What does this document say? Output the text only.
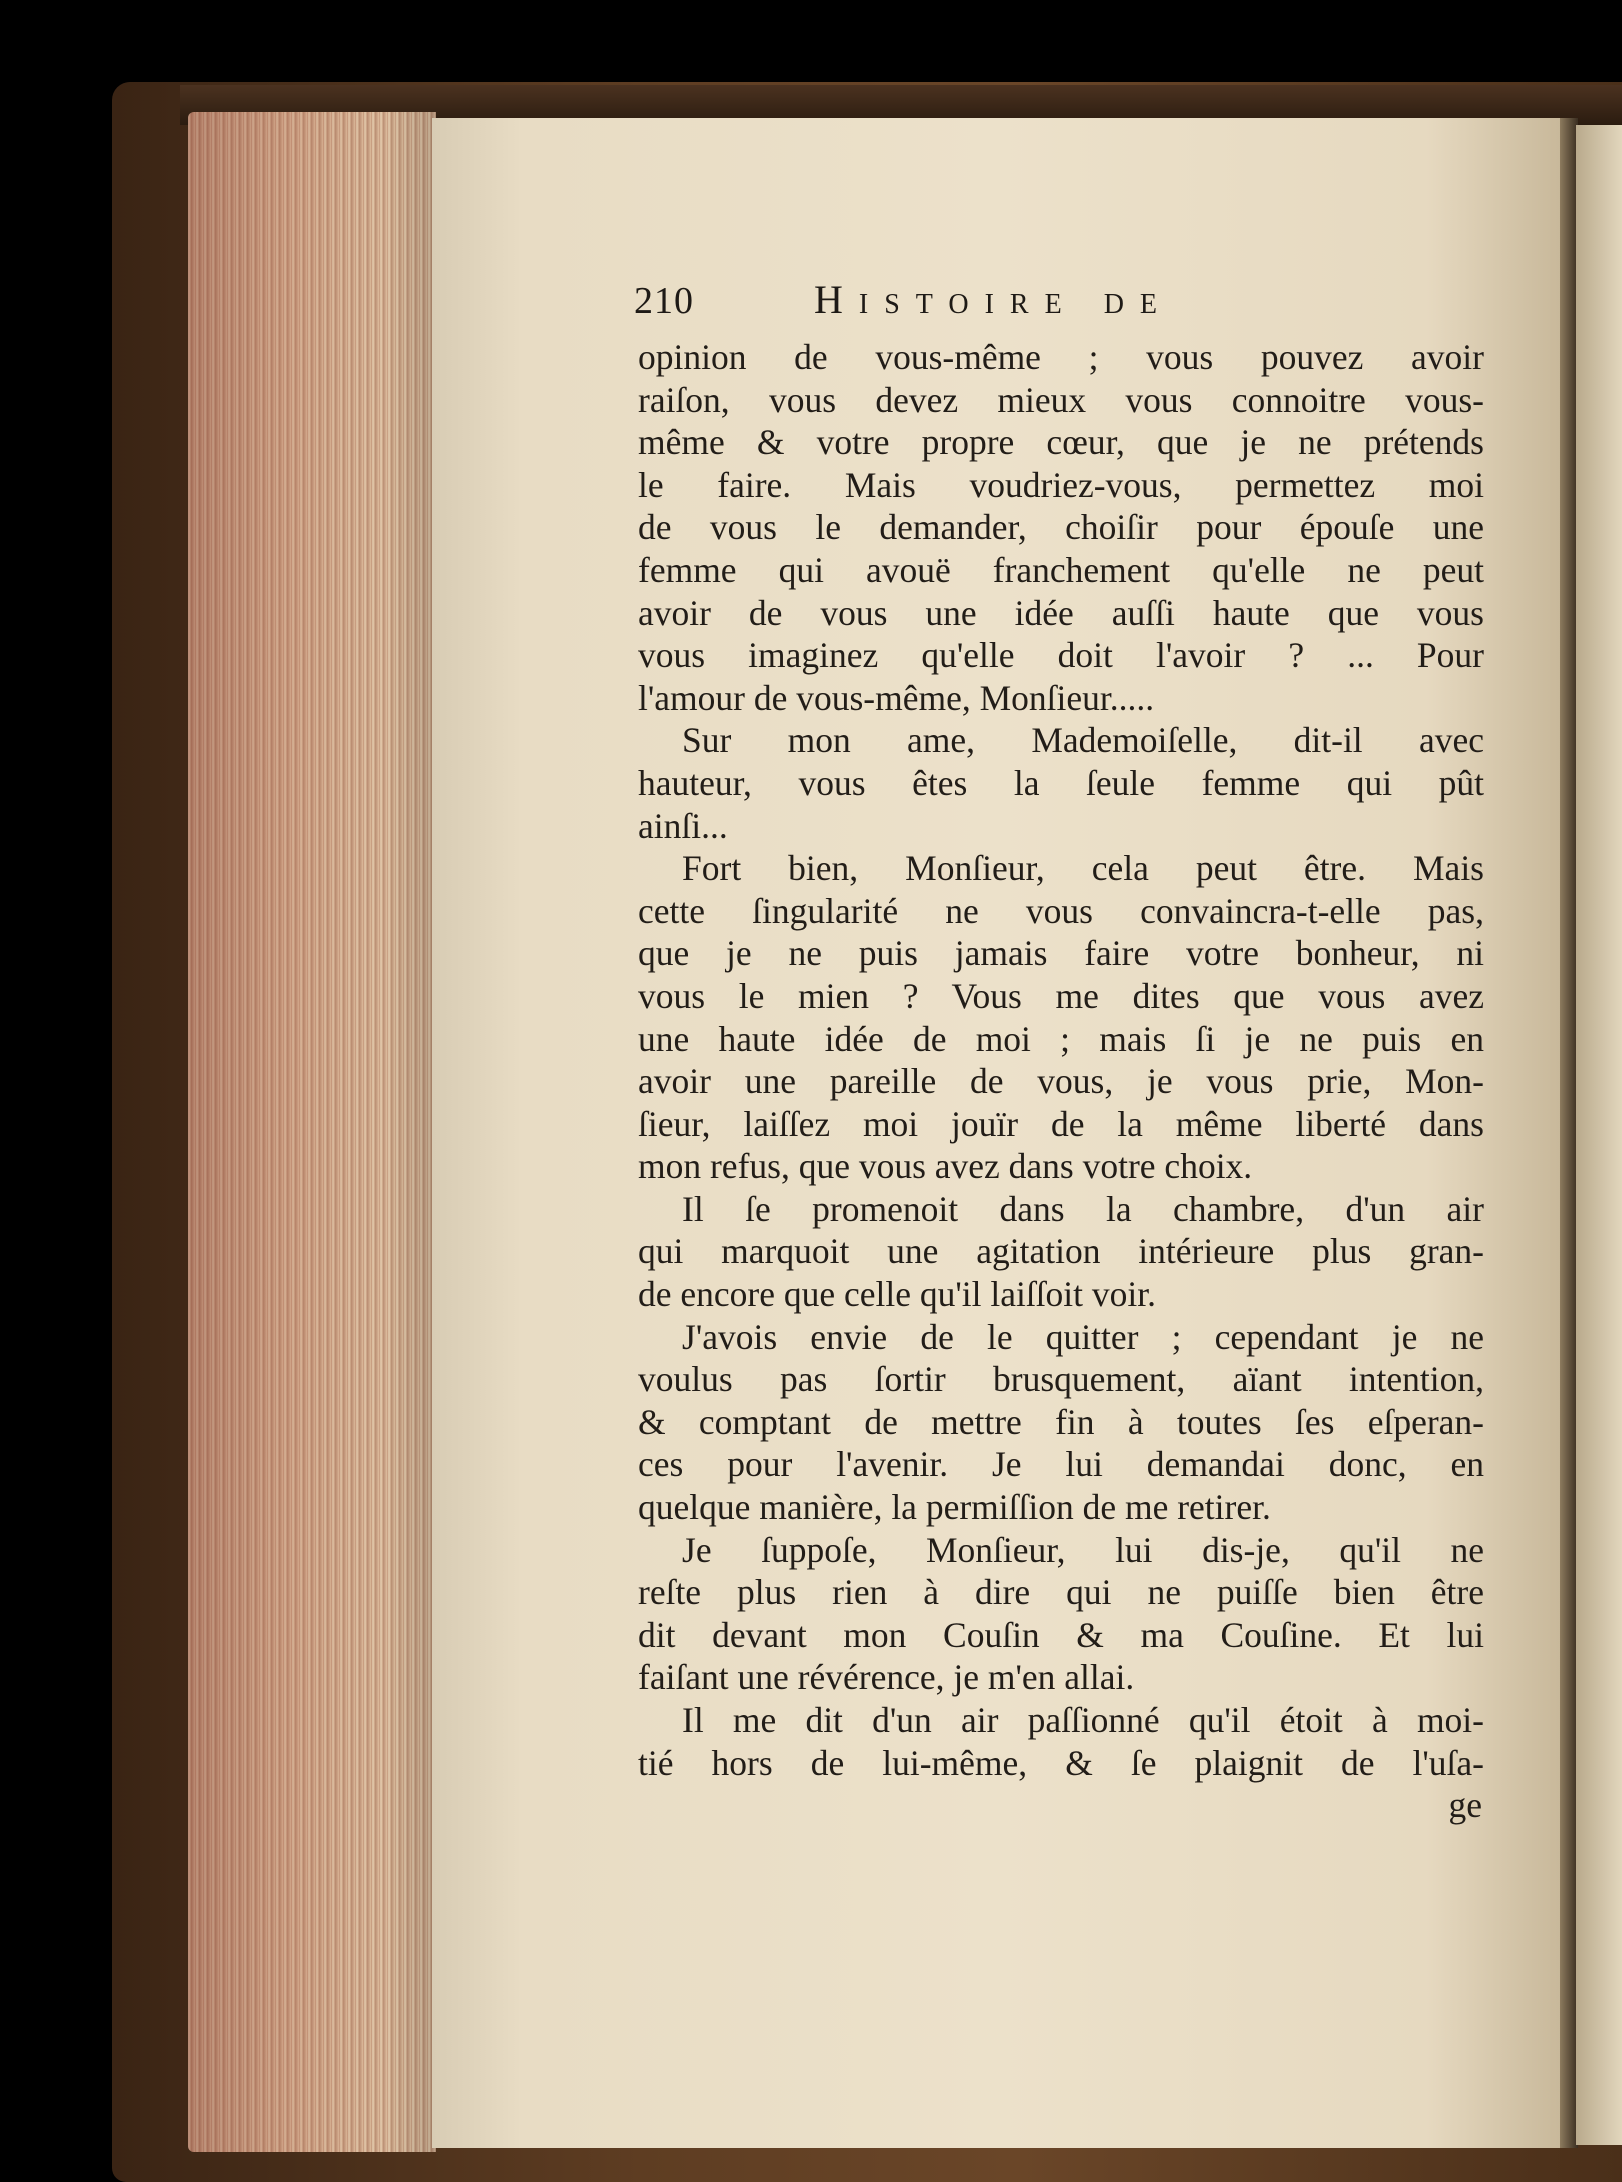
210	Histoire de
opinion de vous-même ; vous pouvez avoir
raiſon, vous devez mieux vous connoitre vous-
même & votre propre cœur, que je ne prétends
le faire. Mais voudriez-vous, permettez moi
de vous le demander, choiſir pour épouſe une
femme qui avouë franchement qu'elle ne peut
avoir de vous une idée auſſi haute que vous
vous imaginez qu'elle doit l'avoir ? ... Pour
l'amour de vous-même, Monſieur.....
Sur mon ame, Mademoiſelle, dit-il avec
hauteur, vous êtes la ſeule femme qui pût
ainſi...
Fort bien, Monſieur, cela peut être. Mais
cette ſingularité ne vous convaincra-t-elle pas,
que je ne puis jamais faire votre bonheur, ni
vous le mien ? Vous me dites que vous avez
une haute idée de moi ; mais ſi je ne puis en
avoir une pareille de vous, je vous prie, Mon-
ſieur, laiſſez moi jouïr de la même liberté dans
mon refus, que vous avez dans votre choix.
Il ſe promenoit dans la chambre, d'un air
qui marquoit une agitation intérieure plus gran-
de encore que celle qu'il laiſſoit voir.
J'avois envie de le quitter ; cependant je ne
voulus pas ſortir brusquement, aïant intention,
& comptant de mettre fin à toutes ſes eſperan-
ces pour l'avenir. Je lui demandai donc, en
quelque manière, la permiſſion de me retirer.
Je ſuppoſe, Monſieur, lui dis-je, qu'il ne
reſte plus rien à dire qui ne puiſſe bien être
dit devant mon Couſin & ma Couſine. Et lui
faiſant une révérence, je m'en allai.
Il me dit d'un air paſſionné qu'il étoit à moi-
tié hors de lui-même, & ſe plaignit de l'uſa-
ge
